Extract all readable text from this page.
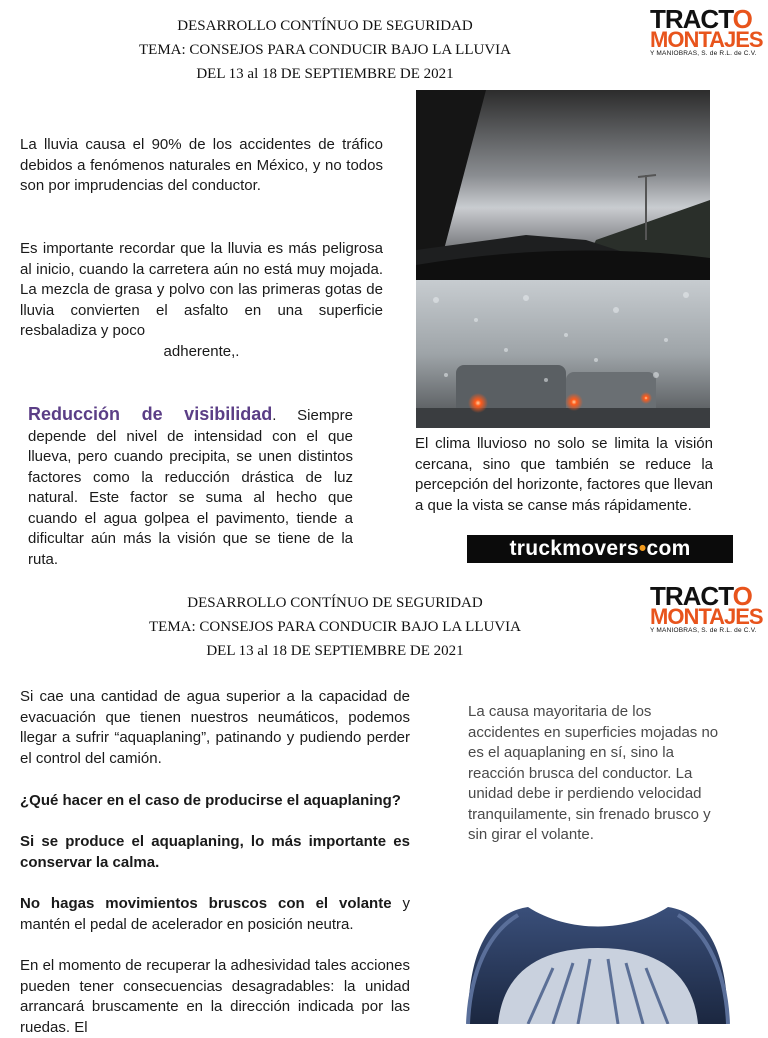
DESARROLLO CONTÍNUO DE SEGURIDAD
TEMA: CONSEJOS PARA CONDUCIR BAJO LA LLUVIA
DEL 13 al 18 DE SEPTIEMBRE DE 2021
TRACTO
MONTAJES
Y MANIOBRAS, S. de R.L. de C.V.
La lluvia causa el 90% de los accidentes de tráfico debidos a fenómenos naturales en México, y no todos son por imprudencias del conductor.
Es importante recordar que la lluvia es más peligrosa al inicio, cuando la carretera aún no está muy mojada. La mezcla de grasa y polvo con las primeras gotas de lluvia convierten el asfalto en una superficie resbaladiza y poco
adherente,.
Reducción de visibilidad. Siempre depende del nivel de intensidad con el que llueva, pero cuando precipita, se unen distintos factores como la reducción drástica de luz natural. Este factor se suma al hecho que cuando el agua golpea el pavimento, tiende a dificultar aún más la visión que se tiene de la ruta.
El clima lluvioso no solo se limita la visión cercana, sino que también se reduce la percepción del horizonte, factores que llevan a que la vista se canse más rápidamente.
truckmovers•com
DESARROLLO CONTÍNUO DE SEGURIDAD
TEMA: CONSEJOS PARA CONDUCIR BAJO LA LLUVIA
DEL 13 al 18 DE SEPTIEMBRE DE 2021
TRACTO
MONTAJES
Y MANIOBRAS, S. de R.L. de C.V.
Si cae una cantidad de agua superior a la capacidad de evacuación que tienen nuestros neumáticos, podemos llegar a sufrir “aquaplaning”, patinando y pudiendo perder el control del camión.
¿Qué hacer en el caso de producirse el aquaplaning?
Si se produce el aquaplaning, lo más importante es conservar la calma.
No hagas movimientos bruscos con el volante y mantén el pedal de acelerador en posición neutra.
En el momento de recuperar la adhesividad tales acciones pueden tener consecuencias desagradables: la unidad arrancará bruscamente en la dirección indicada por las ruedas. El
La causa mayoritaria de los accidentes en superficies mojadas no es el aquaplaning en sí, sino la reacción brusca del conductor. La unidad debe ir perdiendo velocidad tranquilamente, sin frenado brusco y sin girar el volante.
